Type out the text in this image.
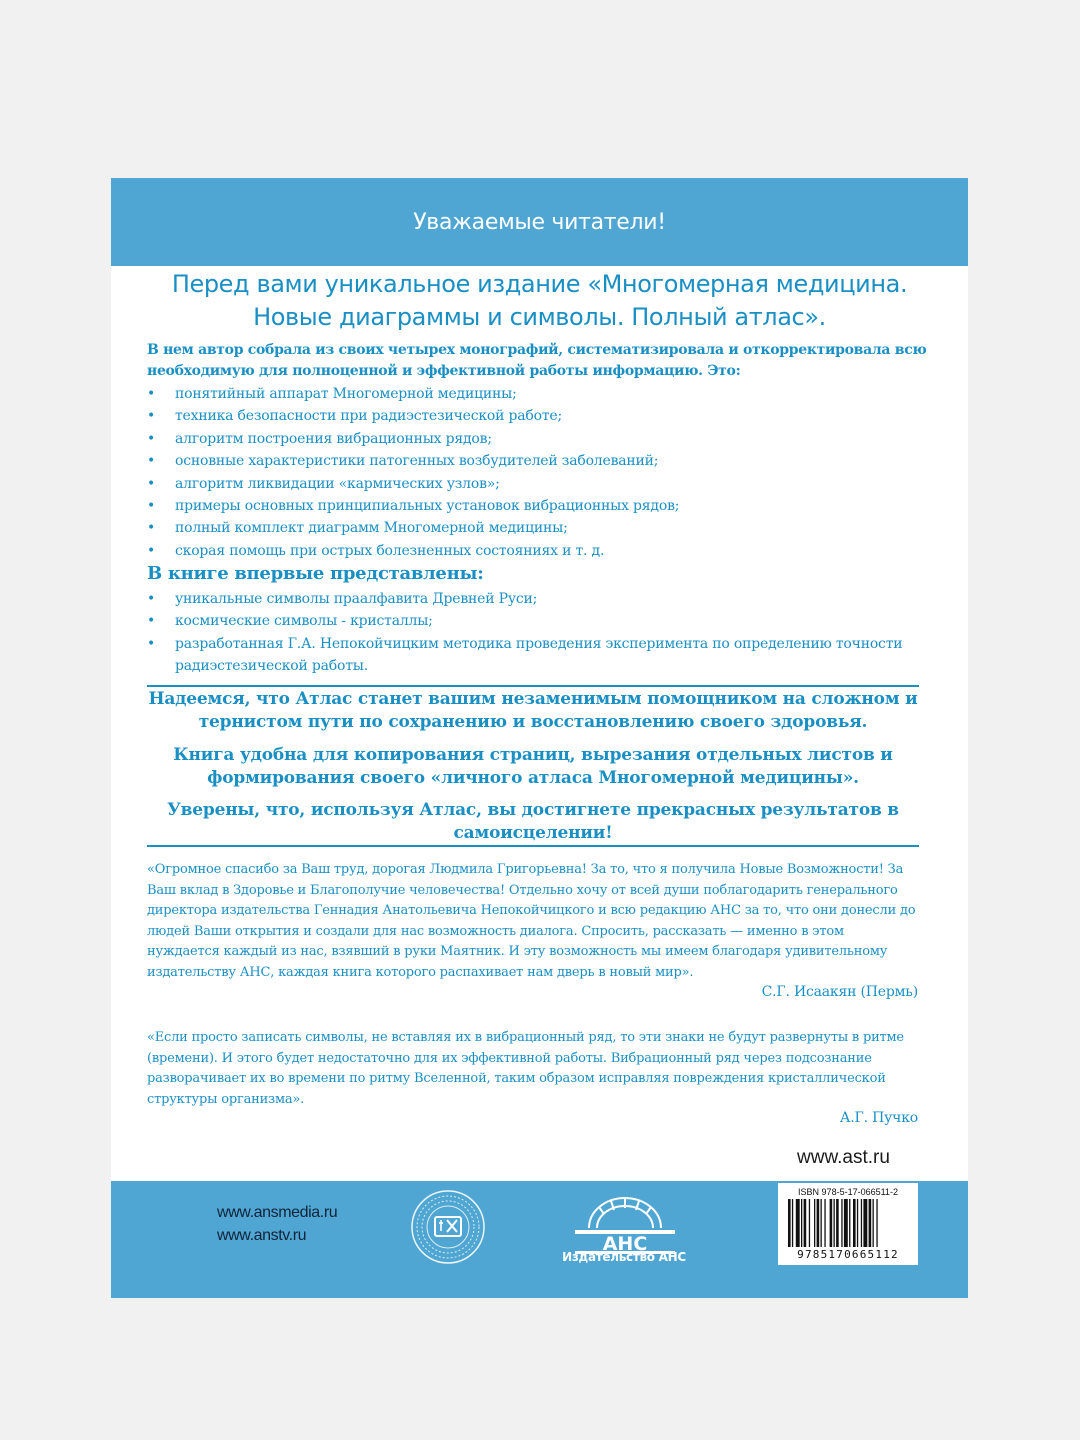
Уважаемые читатели!
Перед вами уникальное издание «Многомерная медицина.
Новые диаграммы и символы. Полный атлас».
В нем автор собрала из своих четырех монографий, систематизировала и откорректировала всю необходимую для полноценной и эффективной работы информацию. Это:
• понятийный аппарат Многомерной медицины;
• техника безопасности при радиэстезической работе;
• алгоритм построения вибрационных рядов;
• основные характеристики патогенных возбудителей заболеваний;
• алгоритм ликвидации «кармических узлов»;
• примеры основных принципиальных установок вибрационных рядов;
• полный комплект диаграмм Многомерной медицины;
• скорая помощь при острых болезненных состояниях и т. д.
В книге впервые представлены:
• уникальные символы праалфавита Древней Руси;
• космические символы - кристаллы;
• разработанная Г.А. Непокойчицким методика проведения эксперимента по определению точности радиэстезической работы.
Надеемся, что Атлас станет вашим незаменимым помощником на сложном и тернистом пути по сохранению и восстановлению своего здоровья.
Книга удобна для копирования страниц, вырезания отдельных листов и формирования своего «личного атласа Многомерной медицины».
Уверены, что, используя Атлас, вы достигнете прекрасных результатов в самоисцелении!
«Огромное спасибо за Ваш труд, дорогая Людмила Григорьевна! За то, что я получила Новые Возможности! За Ваш вклад в Здоровье и Благополучие человечества! Отдельно хочу от всей души поблагодарить генерального директора издательства Геннадия Анатольевича Непокойчицкого и всю редакцию АНС за то, что они донесли до людей Ваши открытия и создали для нас возможность диалога. Спросить, рассказать — именно в этом нуждается каждый из нас, взявший в руки Маятник. И эту возможность мы имеем благодаря удивительному издательству АНС, каждая книга которого распахивает нам дверь в новый мир».
С.Г. Исаакян (Пермь)
«Если просто записать символы, не вставляя их в вибрационный ряд, то эти знаки не будут развернуты в ритме (времени). И этого будет недостаточно для их эффективной работы. Вибрационный ряд через подсознание разворачивает их во времени по ритму Вселенной, таким образом исправляя повреждения кристаллической структуры организма».
А.Г. Пучко
www.ast.ru
www.ansmedia.ru
www.anstv.ru	АНС
Издательство АНС
ISBN 978-5-17-066511-2
9785170665112
